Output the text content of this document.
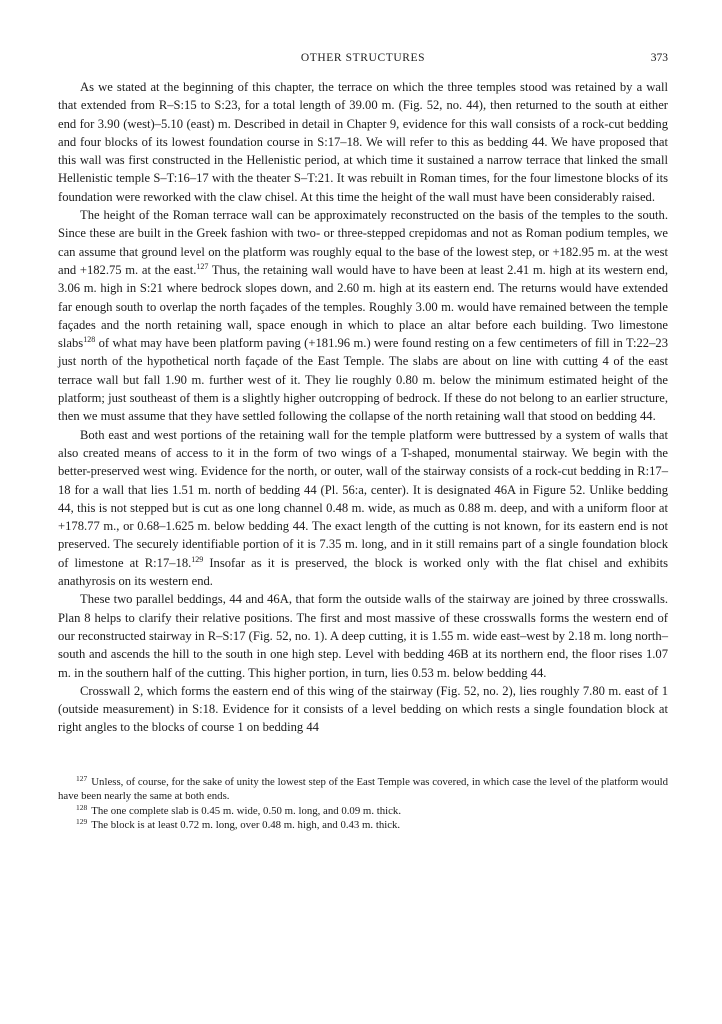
OTHER STRUCTURES	373

As we stated at the beginning of this chapter, the terrace on which the three temples stood was retained by a wall that extended from R–S:15 to S:23, for a total length of 39.00 m. (Fig. 52, no. 44), then returned to the south at either end for 3.90 (west)–5.10 (east) m. Described in detail in Chapter 9, evidence for this wall consists of a rock-cut bedding and four blocks of its lowest foundation course in S:17–18. We will refer to this as bedding 44. We have proposed that this wall was first constructed in the Hellenistic period, at which time it sustained a narrow terrace that linked the small Hellenistic temple S–T:16–17 with the theater S–T:21. It was rebuilt in Roman times, for the four limestone blocks of its foundation were reworked with the claw chisel. At this time the height of the wall must have been considerably raised.

The height of the Roman terrace wall can be approximately reconstructed on the basis of the temples to the south. Since these are built in the Greek fashion with two- or three-stepped crepidomas and not as Roman podium temples, we can assume that ground level on the platform was roughly equal to the base of the lowest step, or +182.95 m. at the west and +182.75 m. at the east.$^{127}$ Thus, the retaining wall would have to have been at least 2.41 m. high at its western end, 3.06 m. high in S:21 where bedrock slopes down, and 2.60 m. high at its eastern end. The returns would have extended far enough south to overlap the north façades of the temples. Roughly 3.00 m. would have remained between the temple façades and the north retaining wall, space enough in which to place an altar before each building. Two limestone slabs$^{128}$ of what may have been platform paving (+181.96 m.) were found resting on a few centimeters of fill in T:22–23 just north of the hypothetical north façade of the East Temple. The slabs are about on line with cutting 4 of the east terrace wall but fall 1.90 m. further west of it. They lie roughly 0.80 m. below the minimum estimated height of the platform; just southeast of them is a slightly higher outcropping of bedrock. If these do not belong to an earlier structure, then we must assume that they have settled following the collapse of the north retaining wall that stood on bedding 44.

Both east and west portions of the retaining wall for the temple platform were buttressed by a system of walls that also created means of access to it in the form of two wings of a T-shaped, monumental stairway. We begin with the better-preserved west wing. Evidence for the north, or outer, wall of the stairway consists of a rock-cut bedding in R:17–18 for a wall that lies 1.51 m. north of bedding 44 (Pl. 56:a, center). It is designated 46A in Figure 52. Unlike bedding 44, this is not stepped but is cut as one long channel 0.48 m. wide, as much as 0.88 m. deep, and with a uniform floor at +178.77 m., or 0.68–1.625 m. below bedding 44. The exact length of the cutting is not known, for its eastern end is not preserved. The securely identifiable portion of it is 7.35 m. long, and in it still remains part of a single foundation block of limestone at R:17–18.$^{129}$ Insofar as it is preserved, the block is worked only with the flat chisel and exhibits anathyrosis on its western end.

These two parallel beddings, 44 and 46A, that form the outside walls of the stairway are joined by three crosswalls. Plan 8 helps to clarify their relative positions. The first and most massive of these crosswalls forms the western end of our reconstructed stairway in R–S:17 (Fig. 52, no. 1). A deep cutting, it is 1.55 m. wide east–west by 2.18 m. long north–south and ascends the hill to the south in one high step. Level with bedding 46B at its northern end, the floor rises 1.07 m. in the southern half of the cutting. This higher portion, in turn, lies 0.53 m. below bedding 44.

Crosswall 2, which forms the eastern end of this wing of the stairway (Fig. 52, no. 2), lies roughly 7.80 m. east of 1 (outside measurement) in S:18. Evidence for it consists of a level bedding on which rests a single foundation block at right angles to the blocks of course 1 on bedding 44

$^{127}$ Unless, of course, for the sake of unity the lowest step of the East Temple was covered, in which case the level of the platform would have been nearly the same at both ends.

$^{128}$ The one complete slab is 0.45 m. wide, 0.50 m. long, and 0.09 m. thick.

$^{129}$ The block is at least 0.72 m. long, over 0.48 m. high, and 0.43 m. thick.
